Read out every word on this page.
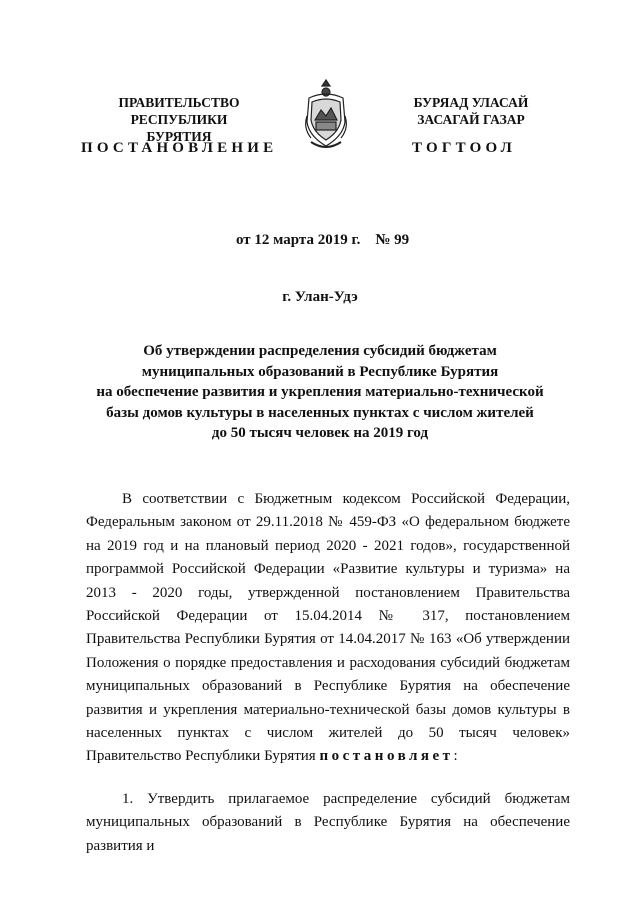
ПРАВИТЕЛЬСТВО
РЕСПУБЛИКИ БУРЯТИЯ
БУРЯАД УЛАСАЙ
ЗАСАГАЙ ГАЗАР
ПОСТАНОВЛЕНИЕ	ТОГТООЛ
от 12 марта 2019 г. № 99
г. Улан-Удэ
Об утверждении распределения субсидий бюджетам
муниципальных образований в Республике Бурятия
на обеспечение развития и укрепления материально-технической
базы домов культуры в населенных пунктах с числом жителей
до 50 тысяч человек на 2019 год
В соответствии с Бюджетным кодексом Российской Федерации, Федеральным законом от 29.11.2018 № 459-ФЗ «О федеральном бюджете на 2019 год и на плановый период 2020 - 2021 годов», государственной программой Российской Федерации «Развитие культуры и туризма» на 2013 - 2020 годы, утвержденной постановлением Правительства Российской Федерации от 15.04.2014 № 317, постановлением Правительства Республики Бурятия от 14.04.2017 № 163 «Об утверждении Положения о порядке предоставления и расходования субсидий бюджетам муниципальных образований в Республике Бурятия на обеспечение развития и укрепления материально-технической базы домов культуры в населенных пунктах с числом жителей до 50 тысяч человек» Правительство Республики Бурятия постановляет:
1. Утвердить прилагаемое распределение субсидий бюджетам муниципальных образований в Республике Бурятия на обеспечение развития и
